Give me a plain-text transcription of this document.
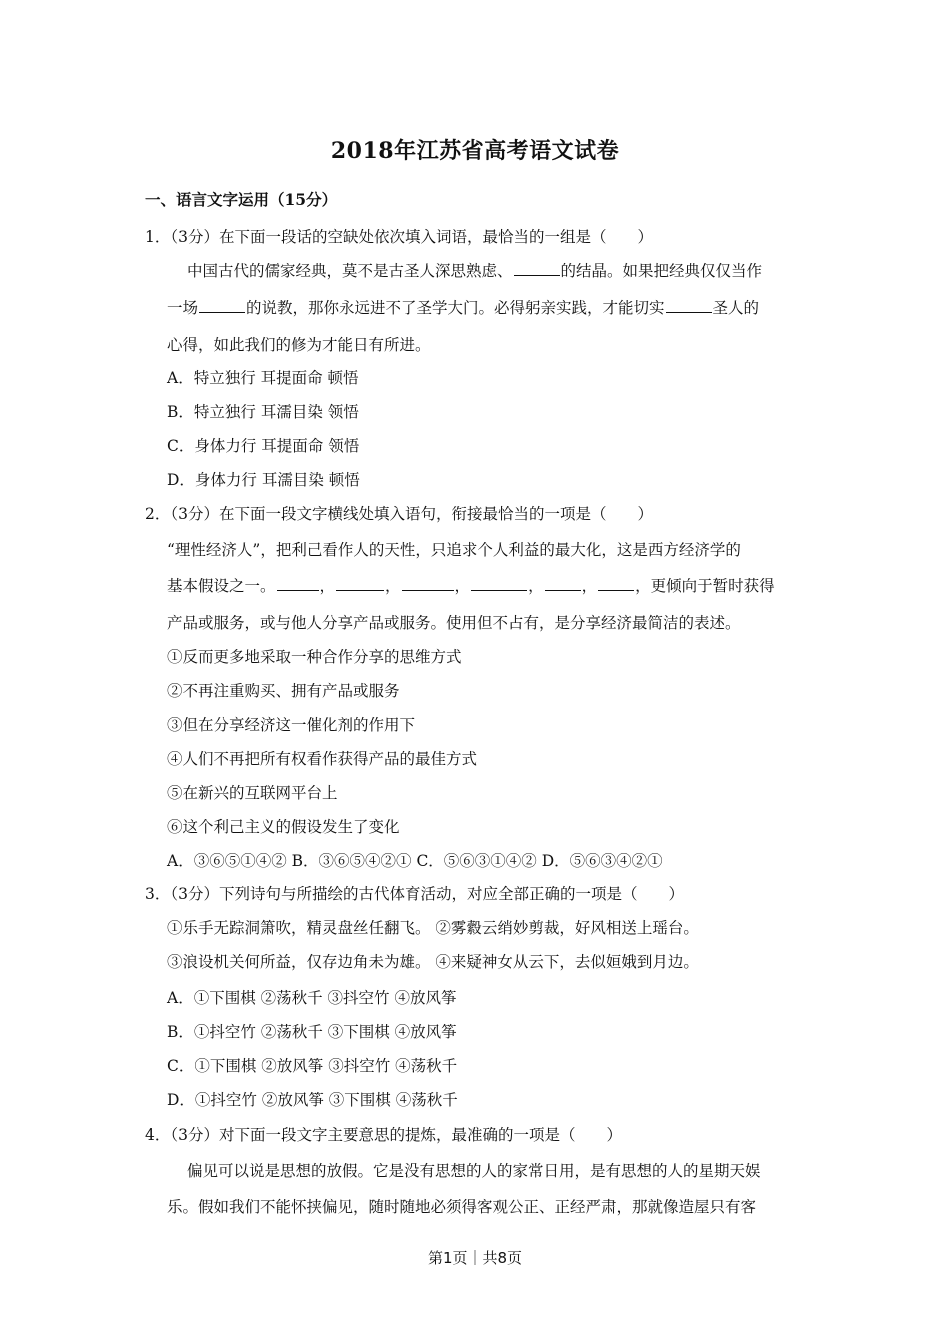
2018年江苏省高考语文试卷
一、语言文字运用（15分）
1．（3分）在下面一段话的空缺处依次填入词语，最恰当的一组是（　　）
中国古代的儒家经典，莫不是古圣人深思熟虑、	的结晶。如果把经典仅仅当作
一场	的说教，那你永远进不了圣学大门。必得躬亲实践，才能切实	圣人的
心得，如此我们的修为才能日有所进。
A．特立独行 耳提面命 顿悟
B．特立独行 耳濡目染 领悟
C．身体力行 耳提面命 领悟
D．身体力行 耳濡目染 顿悟
2．（3分）在下面一段文字横线处填入语句，衔接最恰当的一项是（　　）
“理性经济人”，把利己看作人的天性，只追求个人利益的最大化，这是西方经济学的
基本假设之一。	，	，	，	， ， ，更倾向于暂时获得
产品或服务，或与他人分享产品或服务。使用但不占有，是分享经济最简洁的表述。
①反而更多地采取一种合作分享的思维方式
②不再注重购买、拥有产品或服务
③但在分享经济这一催化剂的作用下
④人们不再把所有权看作获得产品的最佳方式
⑤在新兴的互联网平台上
⑥这个利己主义的假设发生了变化
A．③⑥⑤①④② B．③⑥⑤④②① C．⑤⑥③①④② D．⑤⑥③④②①
3．（3分）下列诗句与所描绘的古代体育活动，对应全部正确的一项是（　　）
①乐手无踪洞箫吹，精灵盘丝任翻飞。 ②雾縠云绡妙剪裁，好风相送上瑶台。
③浪设机关何所益，仅存边角未为雄。 ④来疑神女从云下，去似姮娥到月边。
A．①下围棋 ②荡秋千 ③抖空竹 ④放风筝
B．①抖空竹 ②荡秋千 ③下围棋 ④放风筝
C．①下围棋 ②放风筝 ③抖空竹 ④荡秋千
D．①抖空竹 ②放风筝 ③下围棋 ④荡秋千
4．（3分）对下面一段文字主要意思的提炼，最准确的一项是（　　）
偏见可以说是思想的放假。它是没有思想的人的家常日用，是有思想的人的星期天娱
乐。假如我们不能怀挟偏见，随时随地必须得客观公正、正经严肃，那就像造屋只有客
第1页｜共8页
